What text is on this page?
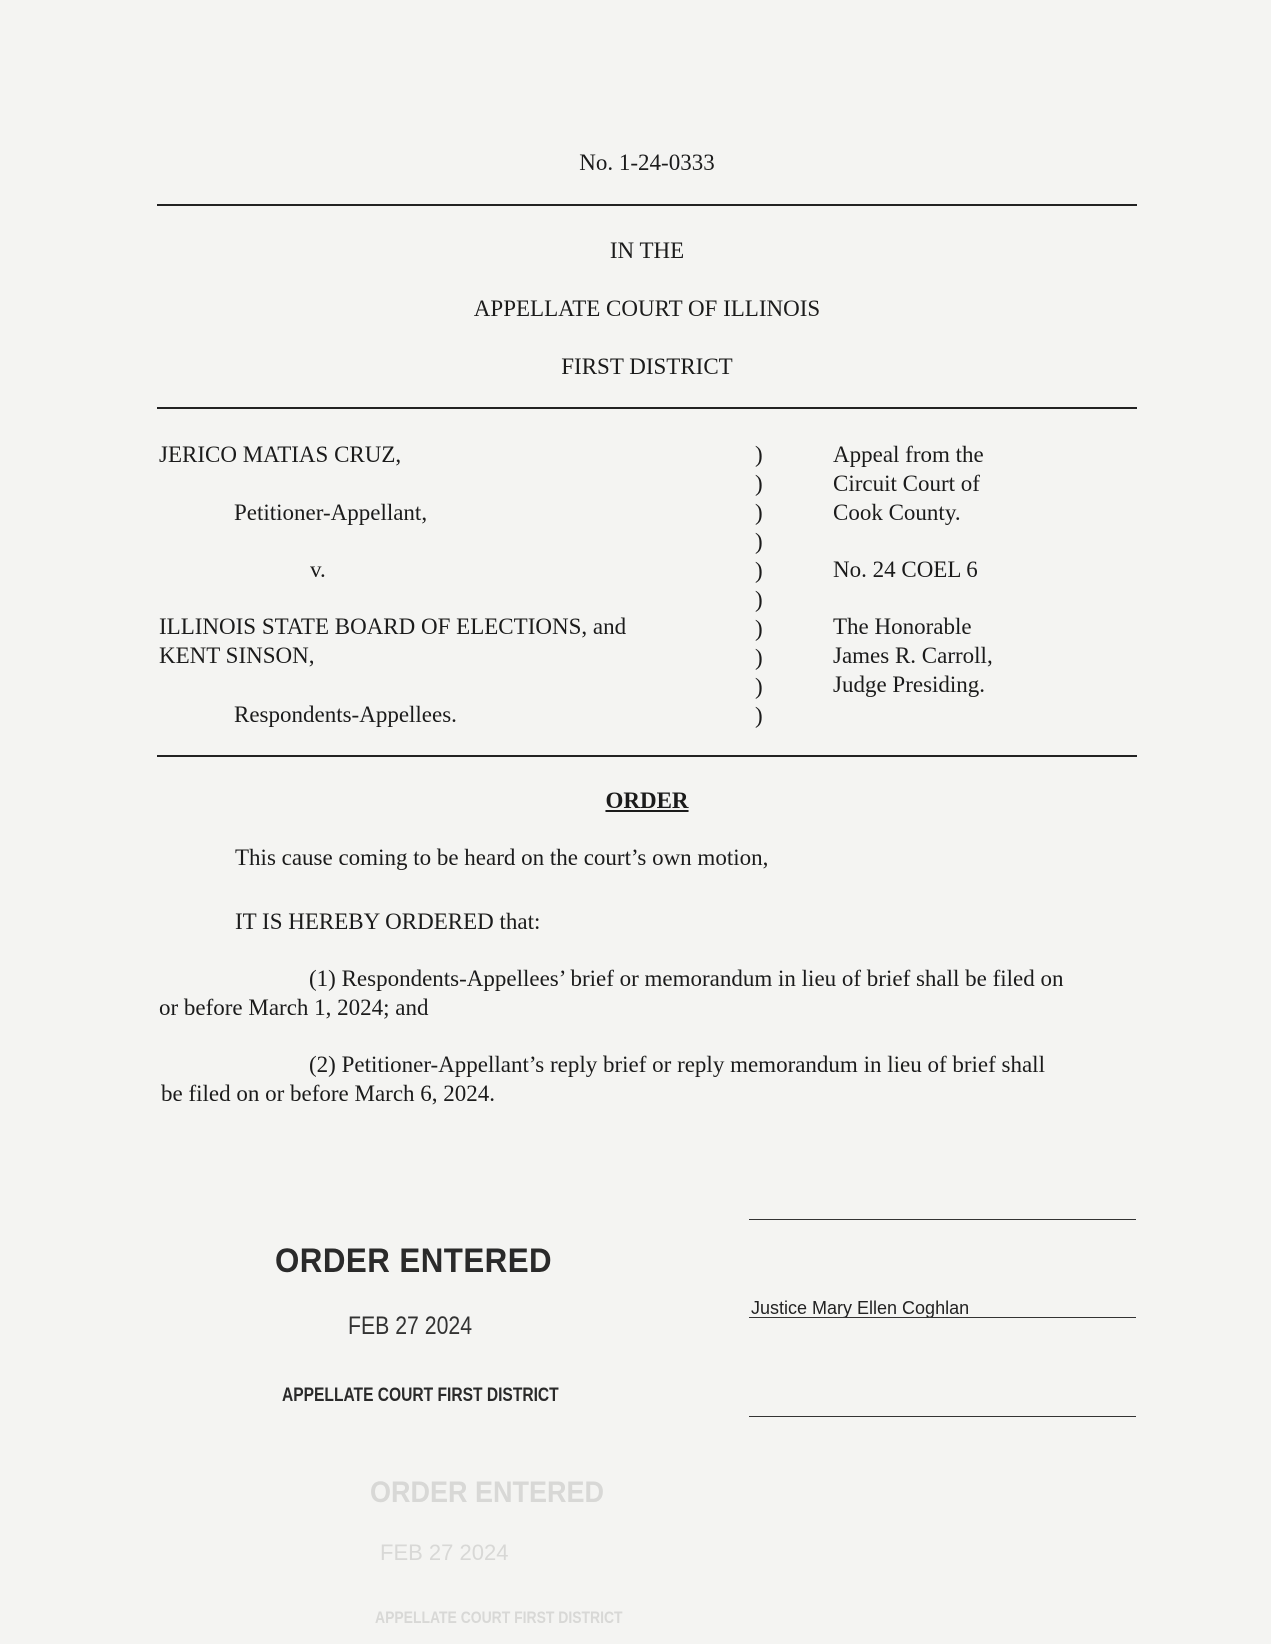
No. 1-24-0333
IN THE
APPELLATE COURT OF ILLINOIS
FIRST DISTRICT
JERICO MATIAS CRUZ,
Petitioner-Appellant,
v.
ILLINOIS STATE BOARD OF ELECTIONS, and
KENT SINSON,
Respondents-Appellees.
)
)
)
)
)
)
)
)
)
)
Appeal from the
Circuit Court of
Cook County.
No. 24 COEL 6
The Honorable
James R. Carroll,
Judge Presiding.
ORDER
This cause coming to be heard on the court’s own motion,
IT IS HEREBY ORDERED that:
(1) Respondents-Appellees’ brief or memorandum in lieu of brief shall be filed on
or before March 1, 2024; and
(2) Petitioner-Appellant’s reply brief or reply memorandum in lieu of brief shall
be filed on or before March 6, 2024.
ORDER ENTERED
FEB 27 2024
APPELLATE COURT FIRST DISTRICT
ORDER ENTERED
FEB 27 2024
APPELLATE COURT FIRST DISTRICT
Justice Mary Ellen Coghlan
